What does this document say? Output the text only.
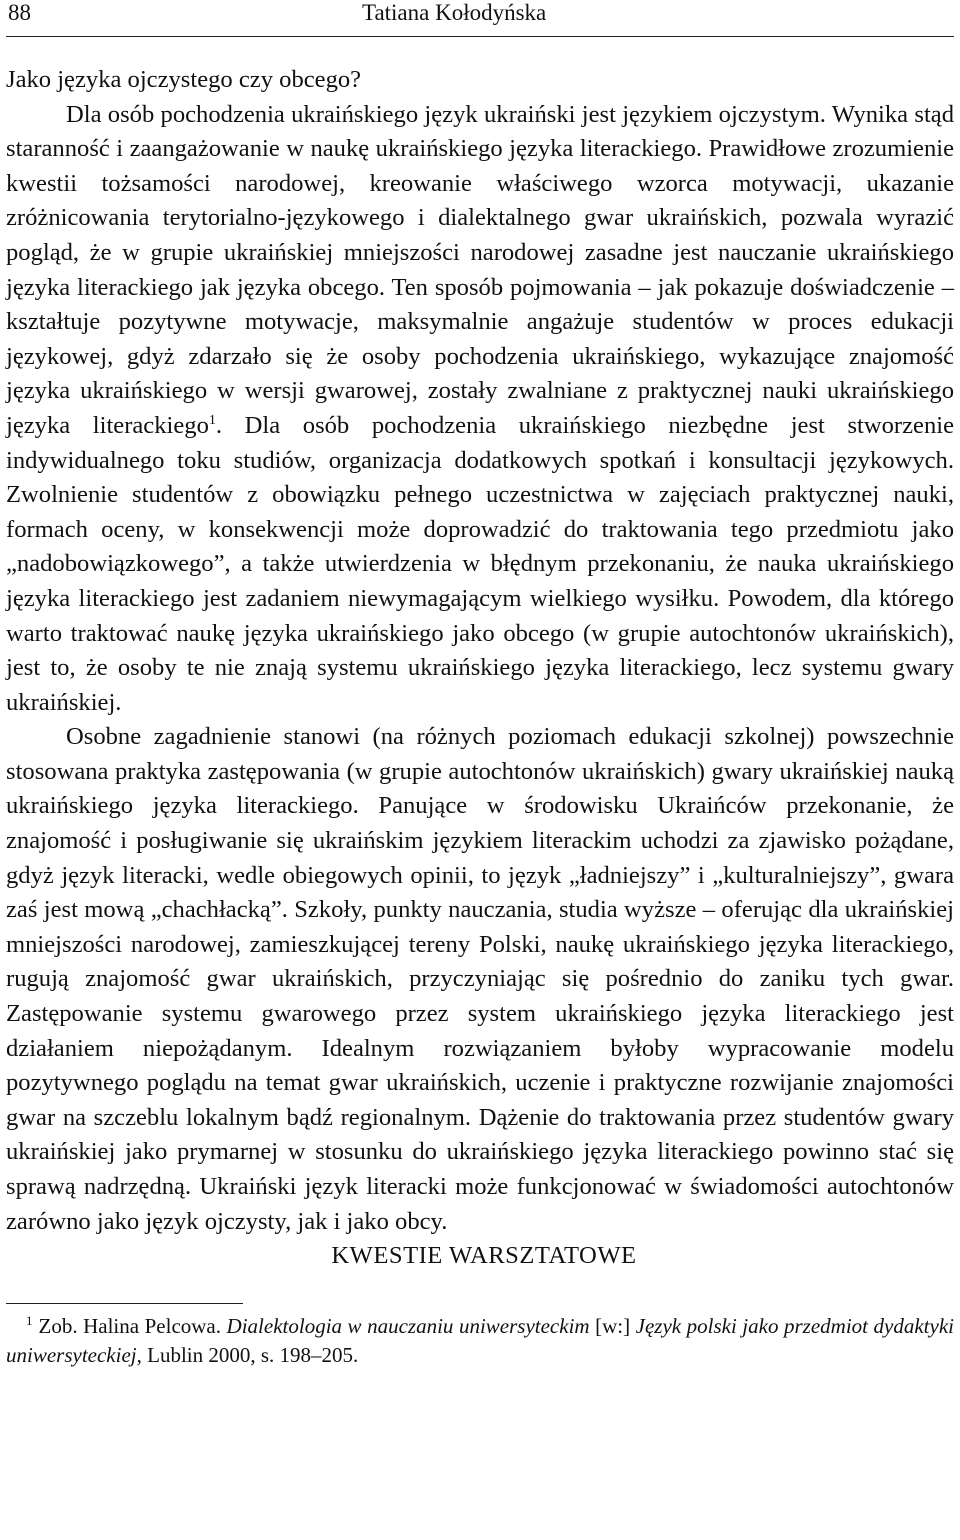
88	Tatiana Kołodyńska

Jako języka ojczystego czy obcego?

Dla osób pochodzenia ukraińskiego język ukraiński jest językiem ojczystym. Wynika stąd staranność i zaangażowanie w naukę ukraińskiego języka literackiego. Prawidłowe zrozumienie kwestii tożsamości narodowej, kreowanie właściwego wzorca motywacji, ukazanie zróżnicowania terytorialno-językowego i dialektalnego gwar ukraińskich, pozwala wyrazić pogląd, że w grupie ukraińskiej mniejszości narodowej zasadne jest nauczanie ukraińskiego języka literackiego jak języka obcego. Ten sposób pojmowania – jak pokazuje doświadczenie – kształtuje pozytywne motywacje, maksymalnie angażuje studentów w proces edukacji językowej, gdyż zdarzało się że osoby pochodzenia ukraińskiego, wykazujące znajomość języka ukraińskiego w wersji gwarowej, zostały zwalniane z praktycznej nauki ukraińskiego języka literackiego$^1$. Dla osób pochodzenia ukraińskiego niezbędne jest stworzenie indywidualnego toku studiów, organizacja dodatkowych spotkań i konsultacji językowych. Zwolnienie studentów z obowiązku pełnego uczestnictwa w zajęciach praktycznej nauki, formach oceny, w konsekwencji może doprowadzić do traktowania tego przedmiotu jako „nadobowiązkowego”, a także utwierdzenia w błędnym przekonaniu, że nauka ukraińskiego języka literackiego jest zadaniem niewymagającym wielkiego wysiłku. Powodem, dla którego warto traktować naukę języka ukraińskiego jako obcego (w grupie autochtonów ukraińskich), jest to, że osoby te nie znają systemu ukraińskiego języka literackiego, lecz systemu gwary ukraińskiej.

Osobne zagadnienie stanowi (na różnych poziomach edukacji szkolnej) powszechnie stosowana praktyka zastępowania (w grupie autochtonów ukraińskich) gwary ukraińskiej nauką ukraińskiego języka literackiego. Panujące w środowisku Ukraińców przekonanie, że znajomość i posługiwanie się ukraińskim językiem literackim uchodzi za zjawisko pożądane, gdyż język literacki, wedle obiegowych opinii, to język „ładniejszy” i „kulturalniejszy”, gwara zaś jest mową „chachłacką”. Szkoły, punkty nauczania, studia wyższe – oferując dla ukraińskiej mniejszości narodowej, zamieszkującej tereny Polski, naukę ukraińskiego języka literackiego, rugują znajomość gwar ukraińskich, przyczyniając się pośrednio do zaniku tych gwar. Zastępowanie systemu gwarowego przez system ukraińskiego języka literackiego jest działaniem niepożądanym. Idealnym rozwiązaniem byłoby wypracowanie modelu pozytywnego poglądu na temat gwar ukraińskich, uczenie i praktyczne rozwijanie znajomości gwar na szczeblu lokalnym bądź regionalnym. Dążenie do traktowania przez studentów gwary ukraińskiej jako prymarnej w stosunku do ukraińskiego języka literackiego powinno stać się sprawą nadrzędną. Ukraiński język literacki może funkcjonować w świadomości autochtonów zarówno jako język ojczysty, jak i jako obcy.

KWESTIE WARSZTATOWE

$^1$ Zob. Halina Pelcowa. Dialektologia w nauczaniu uniwersyteckim [w:] Język polski jako przedmiot dydaktyki uniwersyteckiej, Lublin 2000, s. 198–205.
